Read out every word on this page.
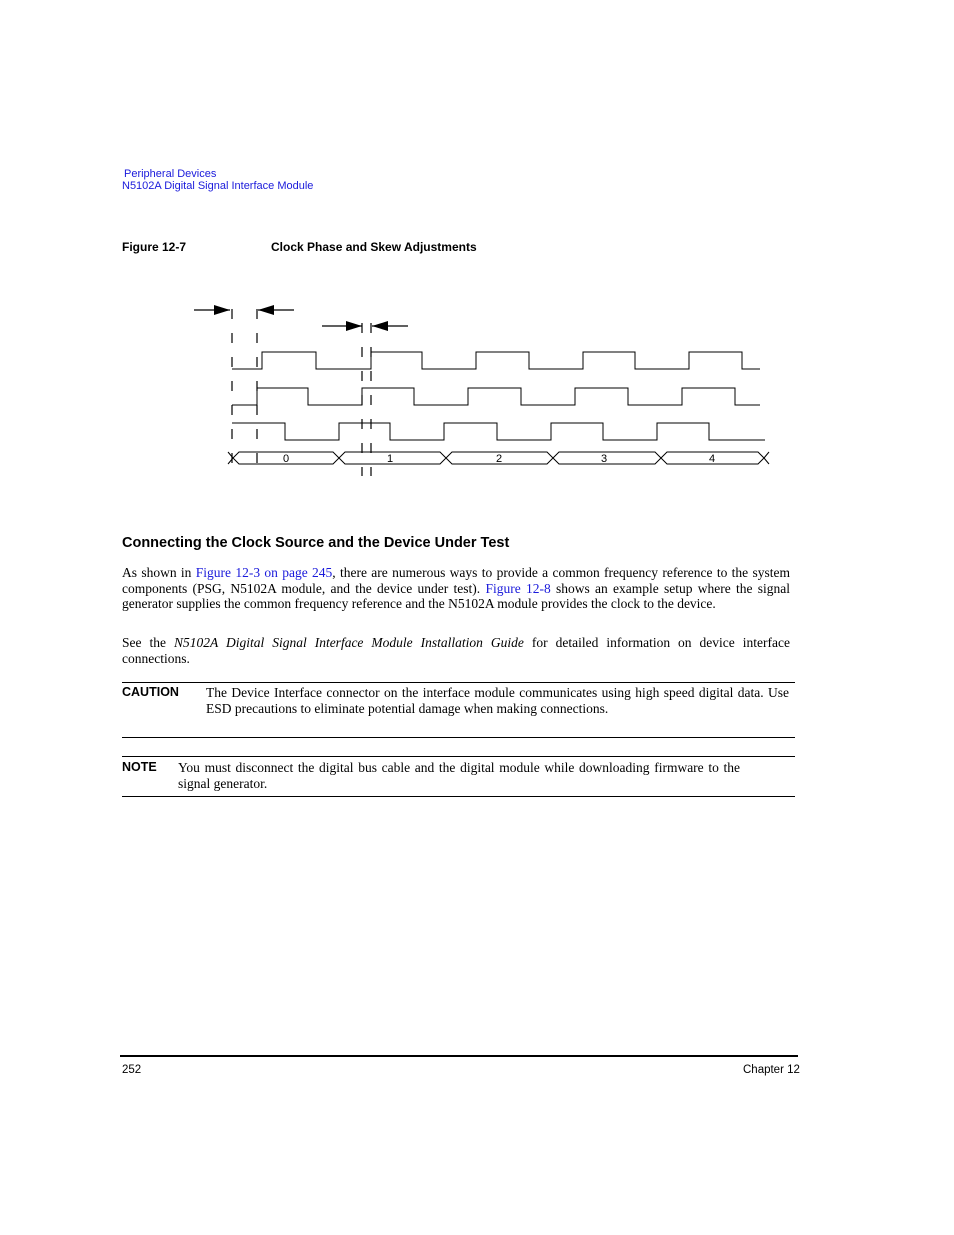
Peripheral Devices
N5102A Digital Signal Interface Module
Figure 12-7	Clock Phase and Skew Adjustments
0	1	2	3	4
Connecting the Clock Source and the Device Under Test
As shown in Figure 12-3 on page 245, there are numerous ways to provide a common frequency reference to the system components (PSG, N5102A module, and the device under test). Figure 12-8 shows an example setup where the signal generator supplies the common frequency reference and the N5102A module provides the clock to the device.
See the N5102A Digital Signal Interface Module Installation Guide for detailed information on device interface connections.
CAUTION The Device Interface connector on the interface module communicates using high speed digital data. Use ESD precautions to eliminate potential damage when making connections.
NOTE You must disconnect the digital bus cable and the digital module while downloading firmware to the signal generator.
252	Chapter 12
